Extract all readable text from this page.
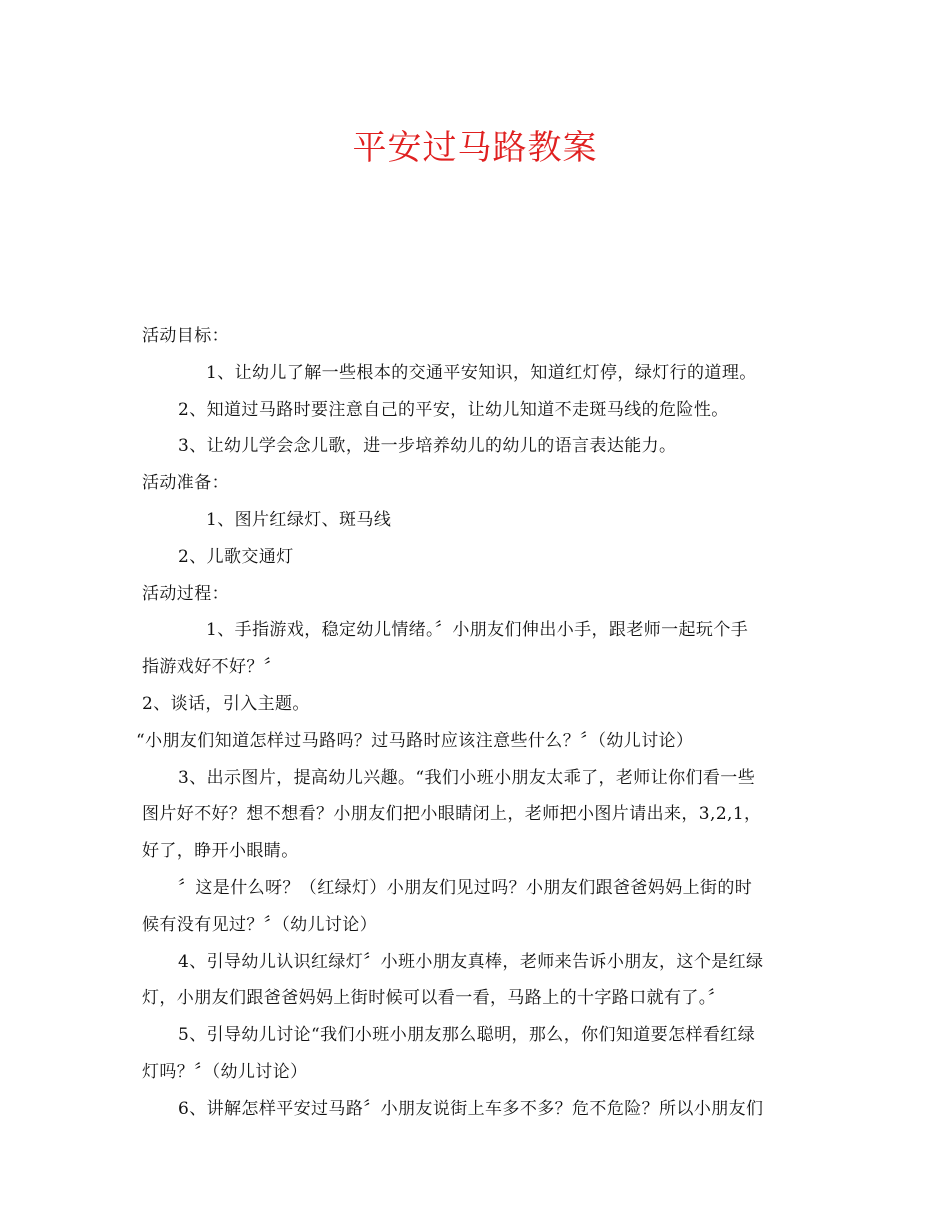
平安过马路教案
活动目标：
1、让幼儿了解一些根本的交通平安知识，知道红灯停，绿灯行的道理。
2、知道过马路时要注意自己的平安，让幼儿知道不走斑马线的危险性。
3、让幼儿学会念儿歌，进一步培养幼儿的幼儿的语言表达能力。
活动准备：
1、图片红绿灯、斑马线
2、儿歌交通灯
活动过程：
1、手指游戏，稳定幼儿情绪。〞小朋友们伸出小手，跟老师一起玩个手
指游戏好不好？〞
2、谈话，引入主题。
“小朋友们知道怎样过马路吗？过马路时应该注意些什么？〞（幼儿讨论）
3、出示图片，提高幼儿兴趣。“我们小班小朋友太乖了，老师让你们看一些
图片好不好？想不想看？小朋友们把小眼睛闭上，老师把小图片请出来，3,2,1，
好了，睁开小眼睛。
〞这是什么呀？（红绿灯）小朋友们见过吗？小朋友们跟爸爸妈妈上街的时
候有没有见过？〞（幼儿讨论）
4、引导幼儿认识红绿灯〞小班小朋友真棒，老师来告诉小朋友，这个是红绿
灯，小朋友们跟爸爸妈妈上街时候可以看一看，马路上的十字路口就有了。〞
5、引导幼儿讨论“我们小班小朋友那么聪明，那么，你们知道要怎样看红绿
灯吗？〞（幼儿讨论）
6、讲解怎样平安过马路〞小朋友说街上车多不多？危不危险？所以小朋友们
